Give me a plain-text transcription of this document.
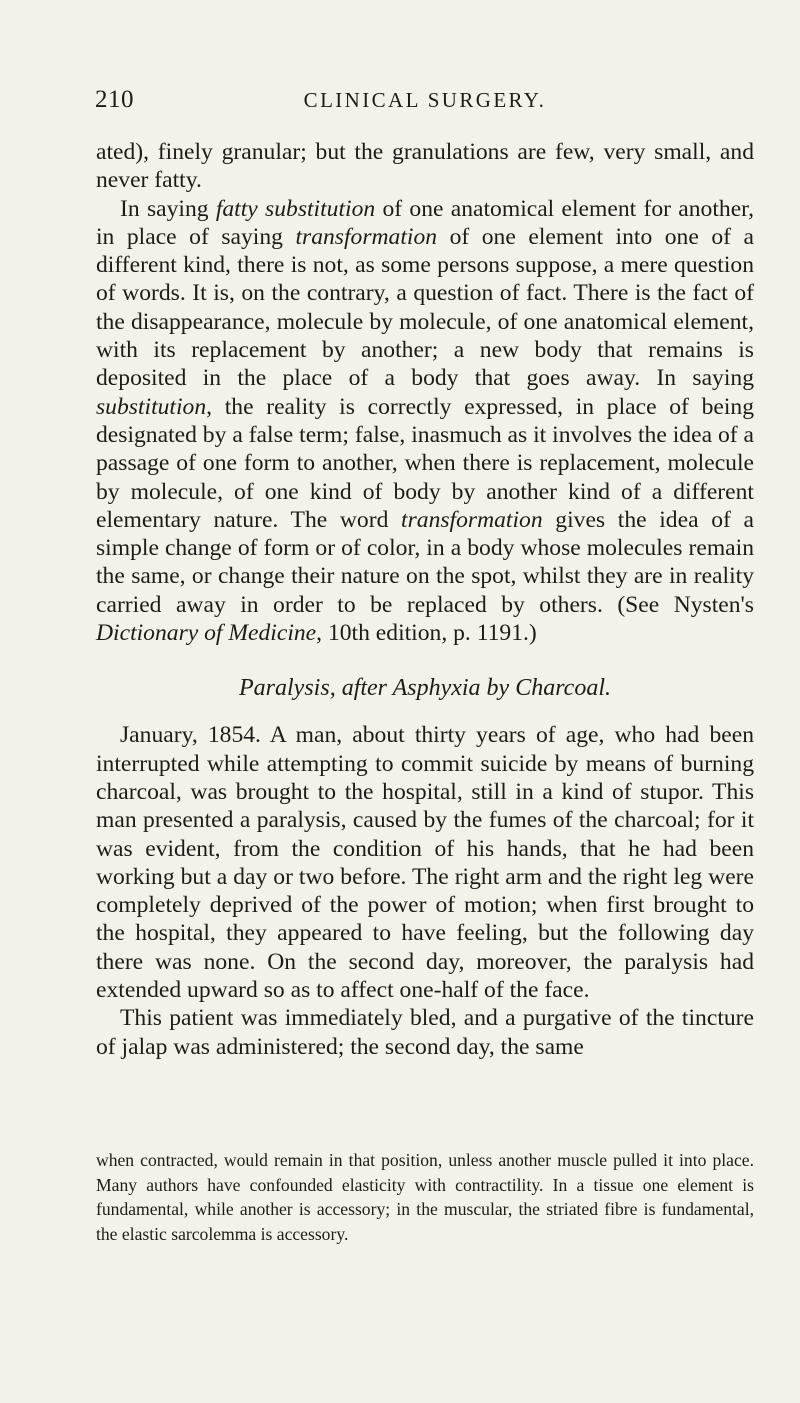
210	CLINICAL SURGERY.

ated), finely granular; but the granulations are few, very small, and never fatty.

In saying fatty substitution of one anatomical element for another, in place of saying transformation of one element into one of a different kind, there is not, as some persons suppose, a mere question of words. It is, on the contrary, a question of fact. There is the fact of the disappearance, molecule by molecule, of one anatomical element, with its replacement by another; a new body that remains is deposited in the place of a body that goes away. In saying substitution, the reality is correctly expressed, in place of being designated by a false term; false, inasmuch as it involves the idea of a passage of one form to another, when there is replacement, molecule by molecule, of one kind of body by another kind of a different elementary nature. The word transformation gives the idea of a simple change of form or of color, in a body whose molecules remain the same, or change their nature on the spot, whilst they are in reality carried away in order to be replaced by others. (See Nysten's Dictionary of Medicine, 10th edition, p. 1191.)

Paralysis, after Asphyxia by Charcoal.

January, 1854. A man, about thirty years of age, who had been interrupted while attempting to commit suicide by means of burning charcoal, was brought to the hospital, still in a kind of stupor. This man presented a paralysis, caused by the fumes of the charcoal; for it was evident, from the condition of his hands, that he had been working but a day or two before. The right arm and the right leg were completely deprived of the power of motion; when first brought to the hospital, they appeared to have feeling, but the following day there was none. On the second day, moreover, the paralysis had extended upward so as to affect one-half of the face.

This patient was immediately bled, and a purgative of the tincture of jalap was administered; the second day, the same

when contracted, would remain in that position, unless another muscle pulled it into place. Many authors have confounded elasticity with contractility. In a tissue one element is fundamental, while another is accessory; in the muscular, the striated fibre is fundamental, the elastic sarcolemma is accessory.
